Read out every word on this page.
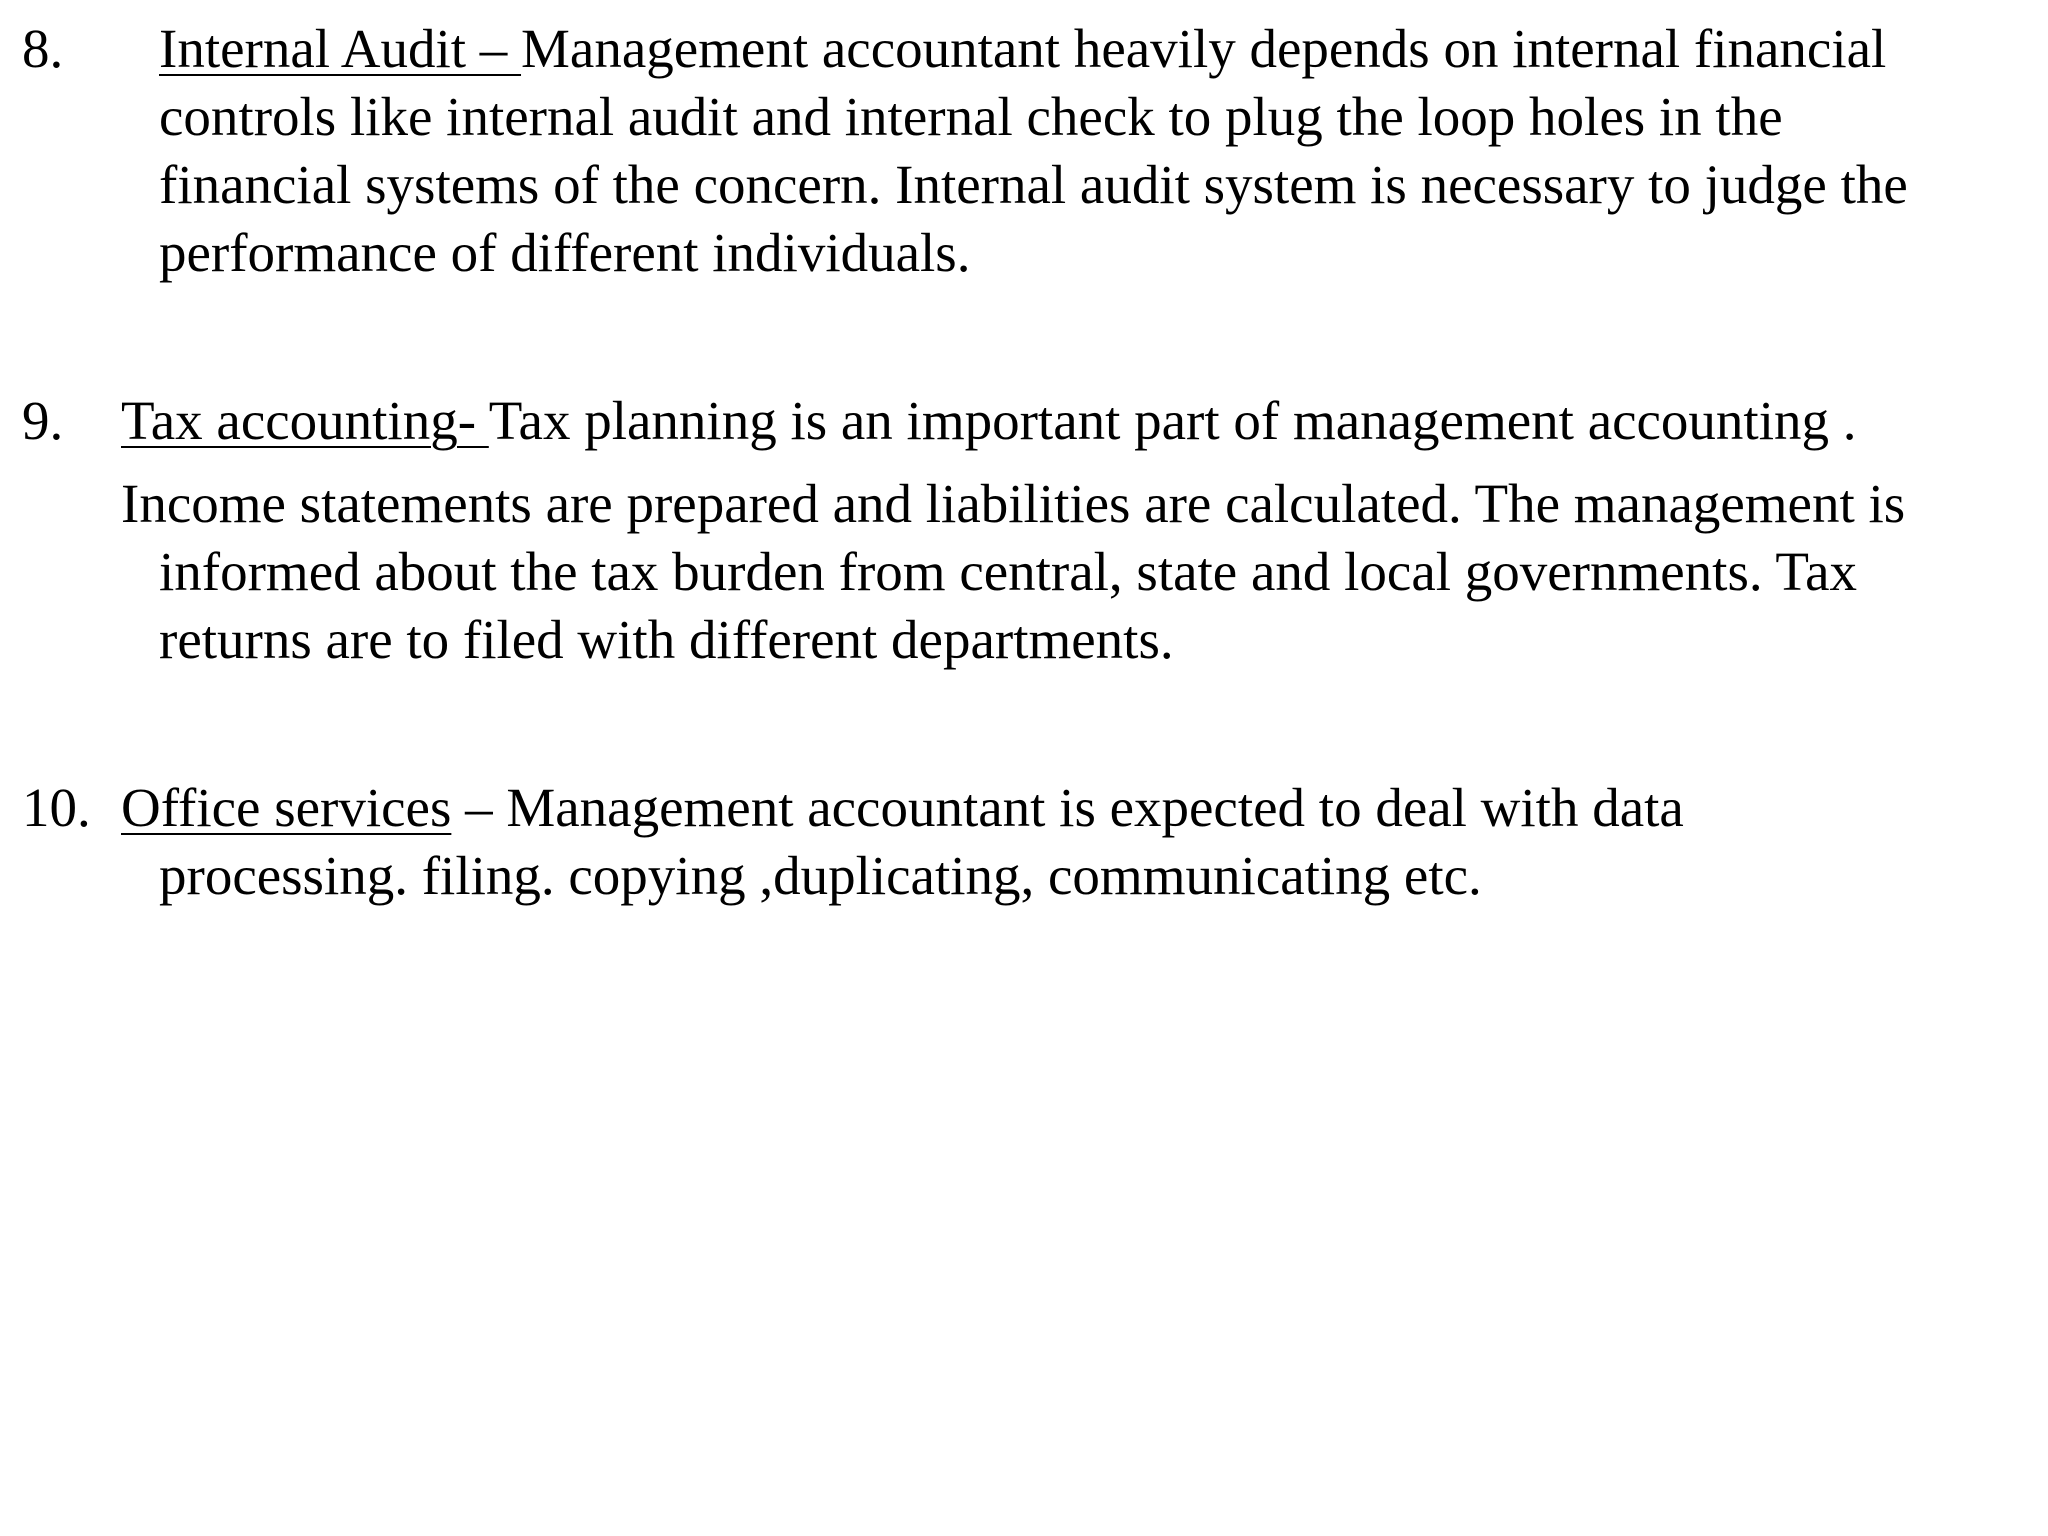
8. Internal Audit – Management accountant heavily depends on internal financial
controls like internal audit and internal check to plug the loop holes in the
financial systems of the concern. Internal audit system is necessary to judge the
performance of different individuals.
9. Tax accounting- Tax planning is an important part of management accounting .
Income statements are prepared and liabilities are calculated. The management is
informed about the tax burden from central, state and local governments. Tax
returns are to filed with different departments.
10. Office services – Management accountant is expected to deal with data
processing. filing. copying ,duplicating, communicating etc.
